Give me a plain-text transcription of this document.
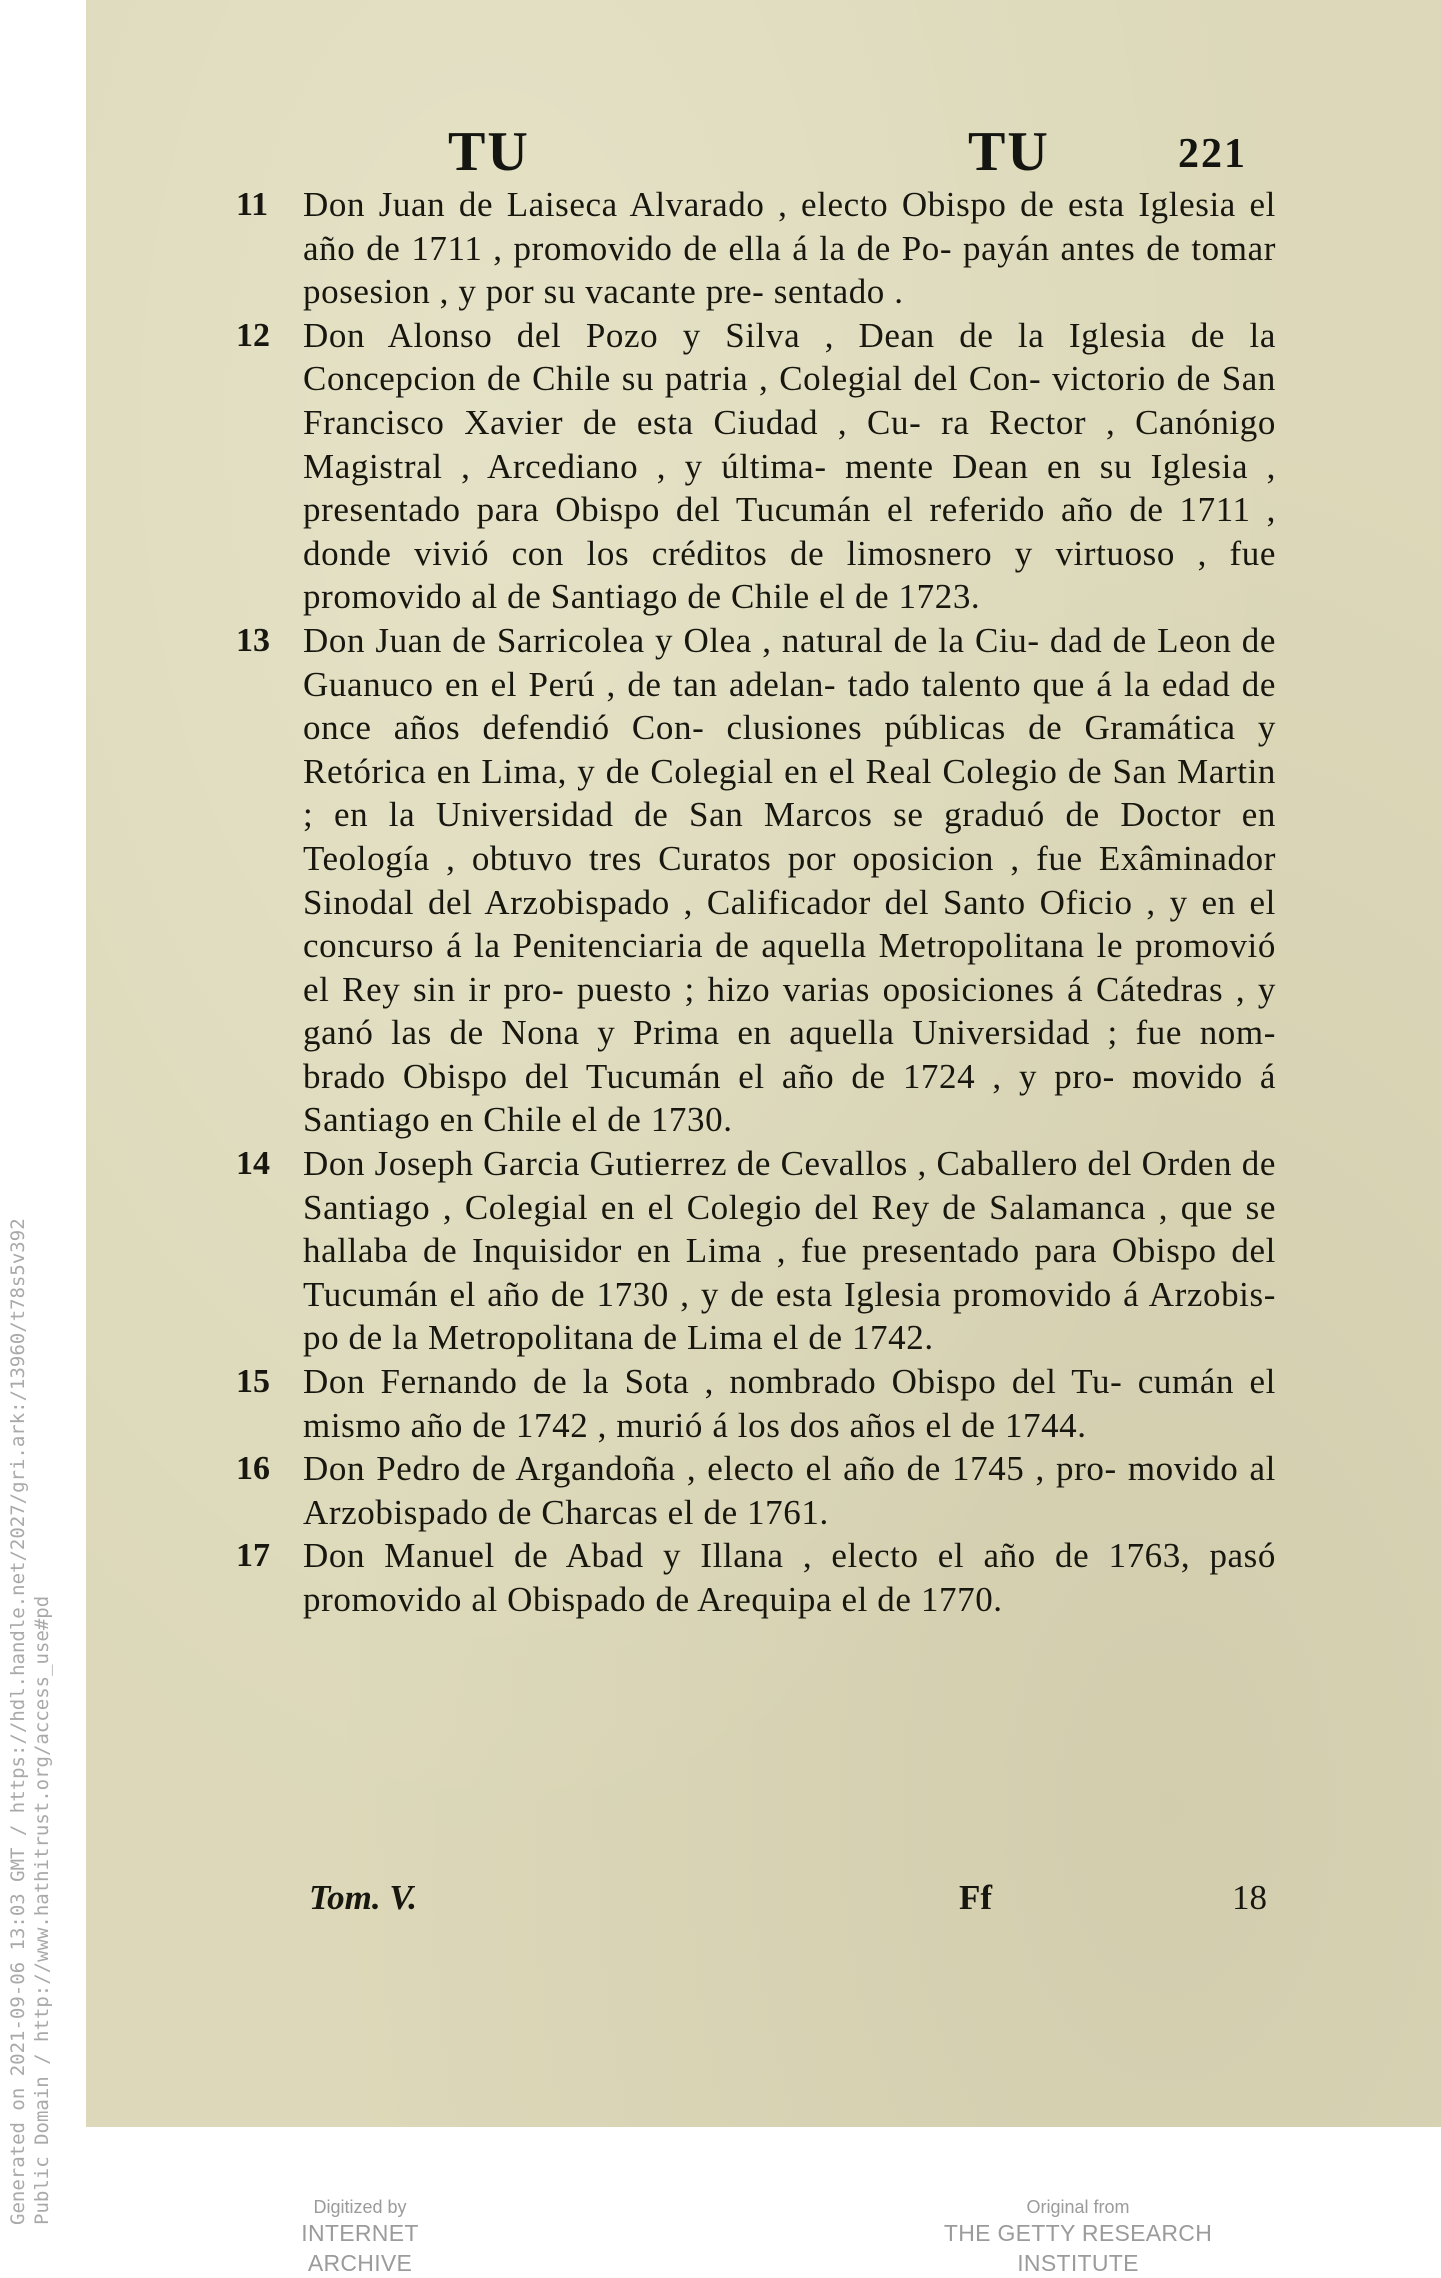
Generated on 2021-09-06 13:03 GMT / https://hdl.handle.net/2027/gri.ark:/13960/t78s5v392 Public Domain / http://www.hathitrust.org/access_use#pd
TU	TU	221
11 Don Juan de Laiseca Alvarado , electo Obispo de esta Iglesia el año de 1711 , promovido de ella á la de Po- payán antes de tomar posesion , y por su vacante pre- sentado .
12 Don Alonso del Pozo y Silva , Dean de la Iglesia de la Concepcion de Chile su patria , Colegial del Con- victorio de San Francisco Xavier de esta Ciudad , Cu- ra Rector , Canónigo Magistral , Arcediano , y última- mente Dean en su Iglesia , presentado para Obispo del Tucumán el referido año de 1711 , donde vivió con los créditos de limosnero y virtuoso , fue promovido al de Santiago de Chile el de 1723.
13 Don Juan de Sarricolea y Olea , natural de la Ciu- dad de Leon de Guanuco en el Perú , de tan adelan- tado talento que á la edad de once años defendió Con- clusiones públicas de Gramática y Retórica en Lima, y de Colegial en el Real Colegio de San Martin ; en la Universidad de San Marcos se graduó de Doctor en Teología , obtuvo tres Curatos por oposicion , fue Exâminador Sinodal del Arzobispado , Calificador del Santo Oficio , y en el concurso á la Penitenciaria de aquella Metropolitana le promovió el Rey sin ir pro- puesto ; hizo varias oposiciones á Cátedras , y ganó las de Nona y Prima en aquella Universidad ; fue nom- brado Obispo del Tucumán el año de 1724 , y pro- movido á Santiago en Chile el de 1730.
14 Don Joseph Garcia Gutierrez de Cevallos , Caballero del Orden de Santiago , Colegial en el Colegio del Rey de Salamanca , que se hallaba de Inquisidor en Lima , fue presentado para Obispo del Tucumán el año de 1730 , y de esta Iglesia promovido á Arzobis- po de la Metropolitana de Lima el de 1742.
15 Don Fernando de la Sota , nombrado Obispo del Tu- cumán el mismo año de 1742 , murió á los dos años el de 1744.
16 Don Pedro de Argandoña , electo el año de 1745 , pro- movido al Arzobispado de Charcas el de 1761.
17 Don Manuel de Abad y Illana , electo el año de 1763, pasó promovido al Obispado de Arequipa el de 1770.
Tom. V.	Ff	18
Digitized by
INTERNET ARCHIVE
Original from
THE GETTY RESEARCH INSTITUTE
